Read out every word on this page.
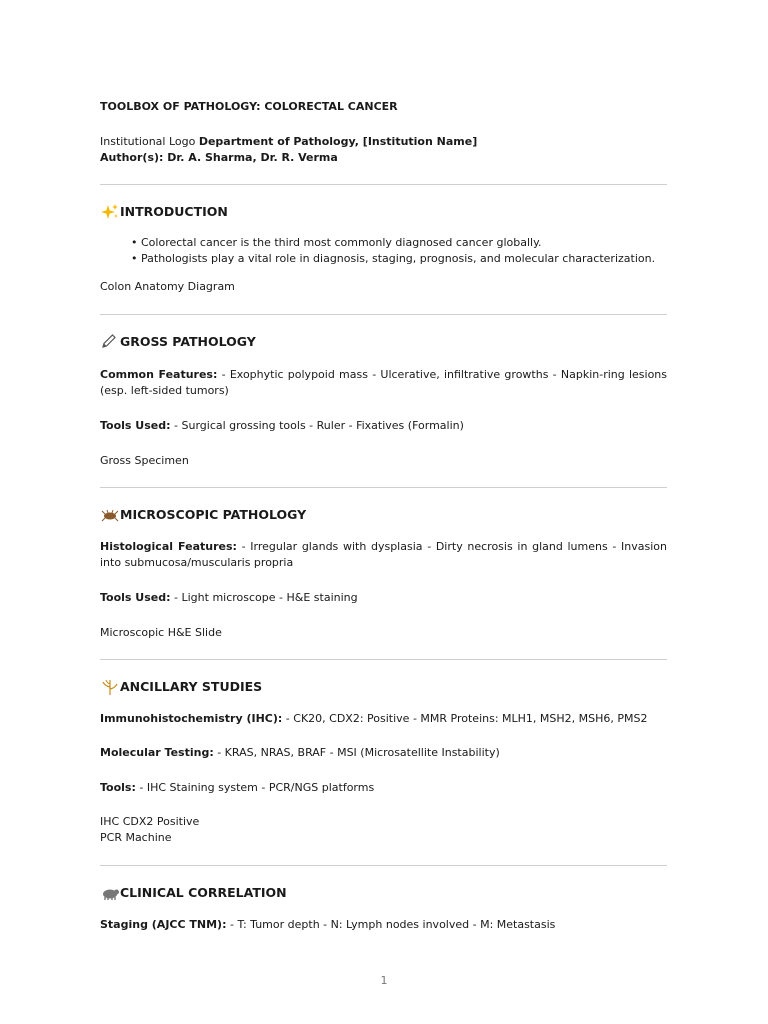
TOOLBOX OF PATHOLOGY: COLORECTAL CANCER
Institutional Logo Department of Pathology, [Institution Name]
Author(s): Dr. A. Sharma, Dr. R. Verma
INTRODUCTION
• Colorectal cancer is the third most commonly diagnosed cancer globally.
• Pathologists play a vital role in diagnosis, staging, prognosis, and molecular characterization.
Colon Anatomy Diagram
GROSS PATHOLOGY
Common Features: - Exophytic polypoid mass - Ulcerative, infiltrative growths - Napkin-ring lesions (esp. left-sided tumors)
Tools Used: - Surgical grossing tools - Ruler - Fixatives (Formalin)
Gross Specimen
MICROSCOPIC PATHOLOGY
Histological Features: - Irregular glands with dysplasia - Dirty necrosis in gland lumens - Invasion into submucosa/muscularis propria
Tools Used: - Light microscope - H&E staining
Microscopic H&E Slide
ANCILLARY STUDIES
Immunohistochemistry (IHC): - CK20, CDX2: Positive - MMR Proteins: MLH1, MSH2, MSH6, PMS2
Molecular Testing: - KRAS, NRAS, BRAF - MSI (Microsatellite Instability)
Tools: - IHC Staining system - PCR/NGS platforms
IHC CDX2 Positive
PCR Machine
CLINICAL CORRELATION
Staging (AJCC TNM): - T: Tumor depth - N: Lymph nodes involved - M: Metastasis
1
